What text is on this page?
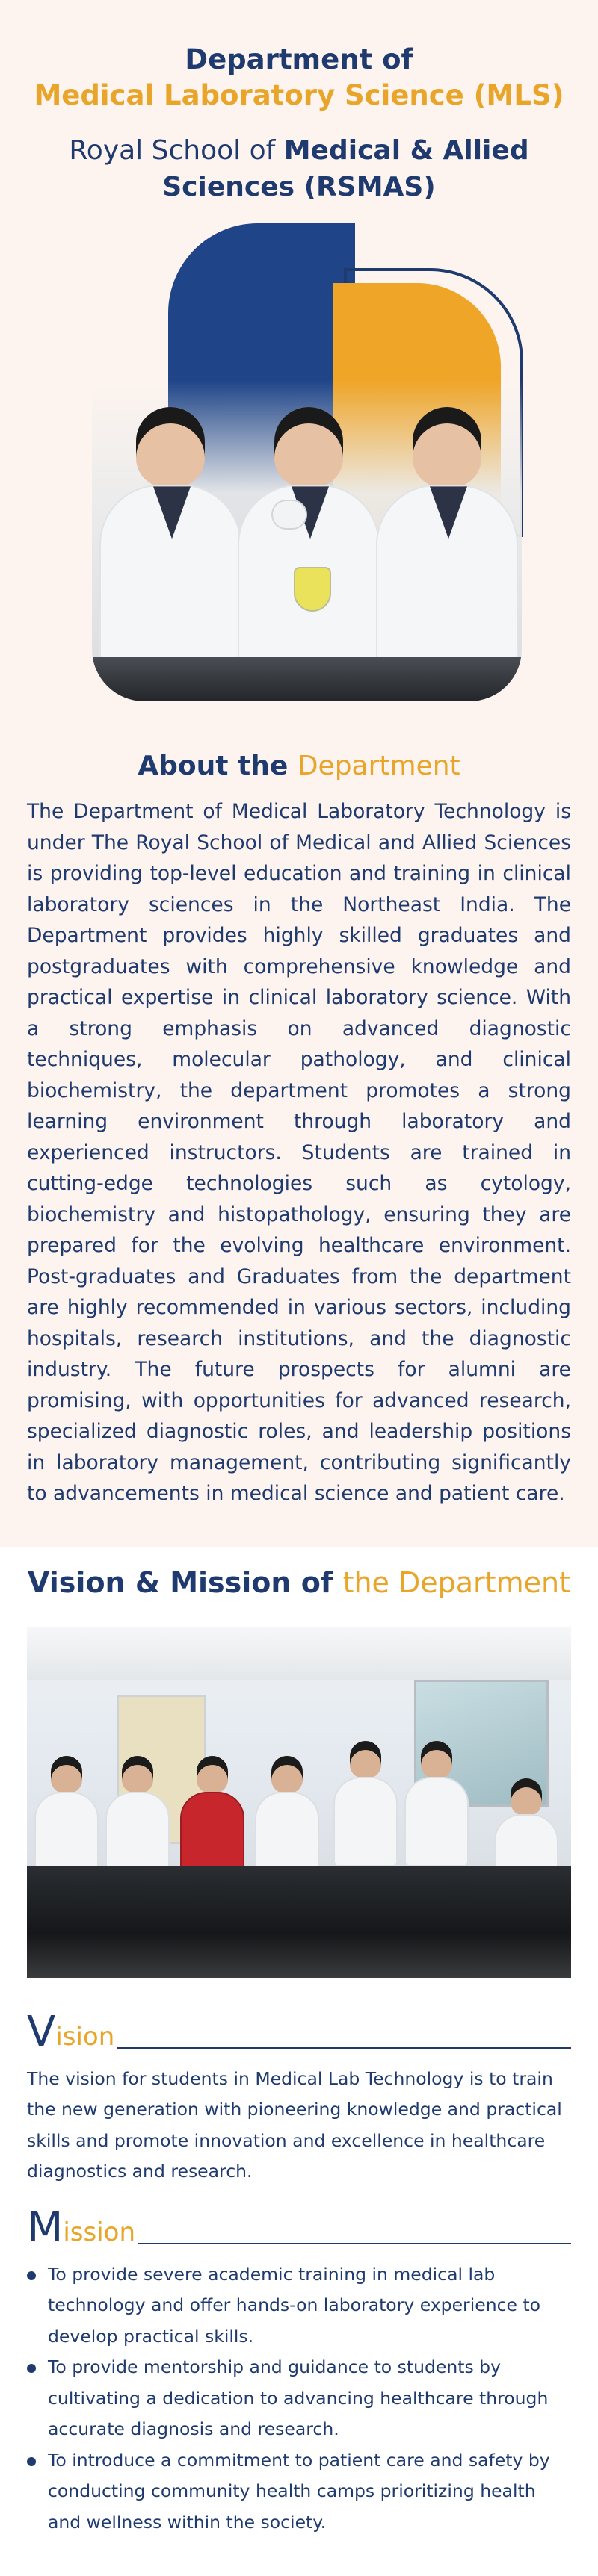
Department of
Medical Laboratory Science (MLS)
Royal School of Medical & Allied Sciences (RSMAS)
About the Department

The Department of Medical Laboratory Technology is under The Royal School of Medical and Allied Sciences is providing top-level education and training in clinical laboratory sciences in the Northeast India. The Department provides highly skilled graduates and postgraduates with comprehensive knowledge and practical expertise in clinical laboratory science. With a strong emphasis on advanced diagnostic techniques, molecular pathology, and clinical biochemistry, the department promotes a strong learning environment through laboratory and experienced instructors. Students are trained in cutting-edge technologies such as cytology, biochemistry and histopathology, ensuring they are prepared for the evolving healthcare environment. Post-graduates and Graduates from the department are highly recommended in various sectors, including hospitals, research institutions, and the diagnostic industry. The future prospects for alumni are promising, with opportunities for advanced research, specialized diagnostic roles, and leadership positions in laboratory management, contributing significantly to advancements in medical science and patient care.

Vision & Mission of the Department
V ision

The vision for students in Medical Lab Technology is to train the new generation with pioneering knowledge and practical skills and promote innovation and excellence in healthcare diagnostics and research.

M ission
To provide severe academic training in medical lab technology and offer hands-on laboratory experience to develop practical skills.
To provide mentorship and guidance to students by cultivating a dedication to advancing healthcare through accurate diagnosis and research.
To introduce a commitment to patient care and safety by conducting community health camps prioritizing health and wellness within the society.
